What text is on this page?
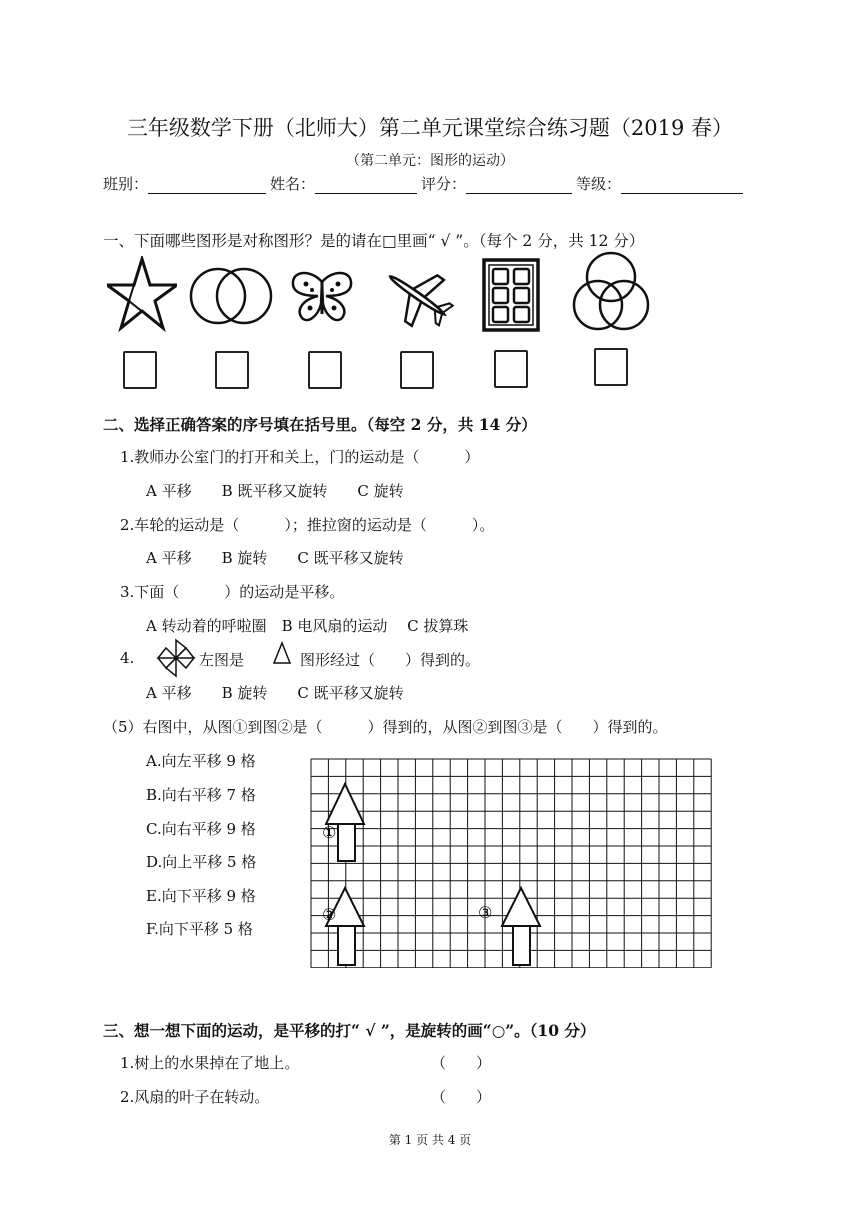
三年级数学下册（北师大）第二单元课堂综合练习题（2019 春）
（第二单元：图形的运动）
班别：	姓名：	评分：	等级：
一、下面哪些图形是对称图形？是的请在□里画“ √ ”。（每个 2 分，共 12 分）
二、选择正确答案的序号填在括号里。（每空 2 分，共 14 分）
1.教师办公室门的打开和关上，门的运动是（　　　）
A 平移　　B 既平移又旋转　　C 旋转
2.车轮的运动是（　　　）；推拉窗的运动是（　　　）。
A 平移　　B 旋转　　C 既平移又旋转
3.下面（　　　）的运动是平移。
A 转动着的呼啦圈　B 电风扇的运动　 C 拔算珠
4.	左图是	图形经过（　　）得到的。
A 平移　　B 旋转　　C 既平移又旋转
（5）右图中，从图①到图②是（　　　）得到的，从图②到图③是（　　）得到的。
A.向左平移 9 格
B.向右平移 7 格
C.向右平移 9 格
D.向上平移 5 格
E.向下平移 9 格
F.向下平移 5 格
①
②	③
三、想一想下面的运动，是平移的打“ √ ”，是旋转的画“○”。（10 分）
1.树上的水果掉在了地上。	（　　）
2.风扇的叶子在转动。	（　　）
第 1 页 共 4 页
